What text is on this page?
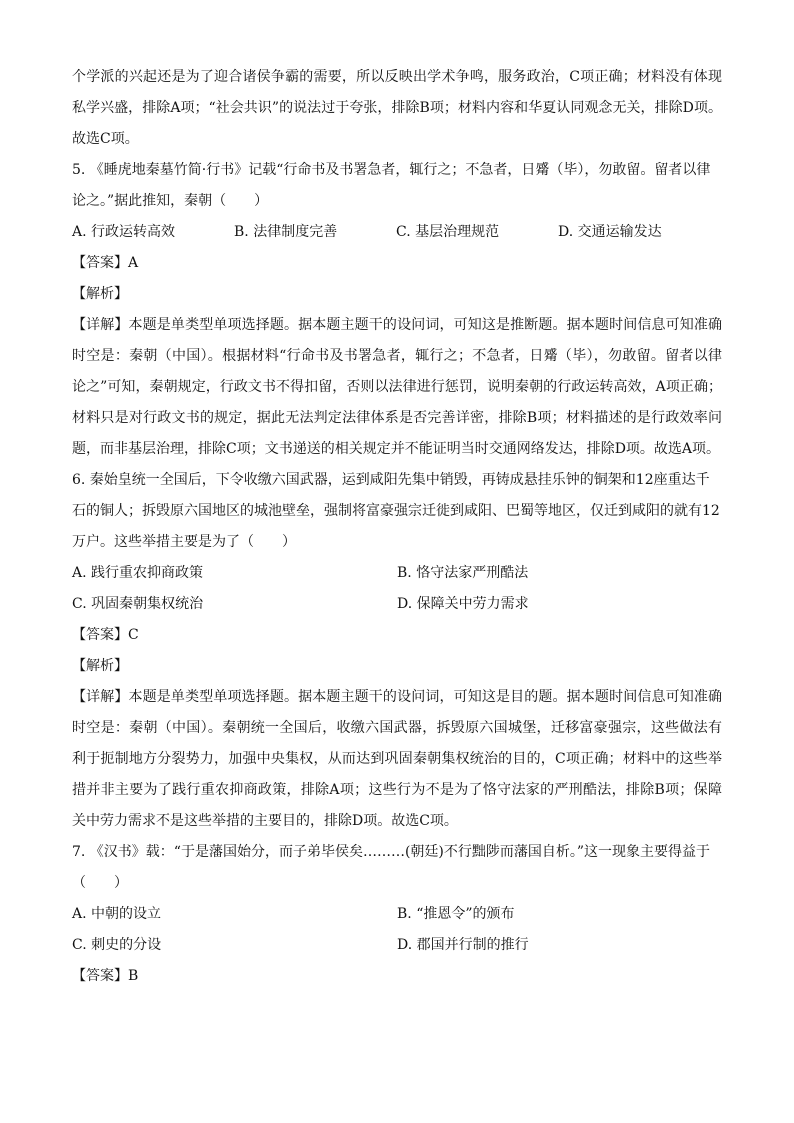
个学派的兴起还是为了迎合诸侯争霸的需要，所以反映出学术争鸣，服务政治，C项正确；材料没有体现私学兴盛，排除A项；“社会共识”的说法过于夸张，排除B项；材料内容和华夏认同观念无关，排除D项。故选C项。

5. 《睡虎地秦墓竹简·行书》记载“行命书及书署急者，辄行之；不急者，日觱（毕），勿敢留。留者以律论之。”据此推知，秦朝（　　）

A. 行政运转高效	B. 法律制度完善	C. 基层治理规范	D. 交通运输发达
【答案】A
【解析】

【详解】本题是单类型单项选择题。据本题主题干的设问词，可知这是推断题。据本题时间信息可知准确时空是：秦朝（中国）。根据材料“行命书及书署急者，辄行之；不急者，日觱（毕），勿敢留。留者以律论之”可知，秦朝规定，行政文书不得扣留，否则以法律进行惩罚，说明秦朝的行政运转高效，A项正确；材料只是对行政文书的规定，据此无法判定法律体系是否完善详密，排除B项；材料描述的是行政效率问题，而非基层治理，排除C项；文书递送的相关规定并不能证明当时交通网络发达，排除D项。故选A项。

6. 秦始皇统一全国后，下令收缴六国武器，运到咸阳先集中销毁，再铸成悬挂乐钟的铜架和12座重达千石的铜人；拆毁原六国地区的城池壁垒，强制将富豪强宗迁徙到咸阳、巴蜀等地区，仅迁到咸阳的就有12万户。这些举措主要是为了（　　）

A. 践行重农抑商政策	B. 恪守法家严刑酷法
C. 巩固秦朝集权统治	D. 保障关中劳力需求
【答案】C
【解析】

【详解】本题是单类型单项选择题。据本题主题干的设问词，可知这是目的题。据本题时间信息可知准确时空是：秦朝（中国）。秦朝统一全国后，收缴六国武器，拆毁原六国城堡，迁移富豪强宗，这些做法有利于扼制地方分裂势力，加强中央集权，从而达到巩固秦朝集权统治的目的，C项正确；材料中的这些举措并非主要为了践行重农抑商政策，排除A项；这些行为不是为了恪守法家的严刑酷法，排除B项；保障关中劳力需求不是这些举措的主要目的，排除D项。故选C项。

7. 《汉书》载：“于是藩国始分，而子弟毕侯矣………(朝廷)不行黜陟而藩国自析。”这一现象主要得益于（　　）

A. 中朝的设立	B. “推恩令”的颁布
C. 刺史的分设	D. 郡国并行制的推行
【答案】B
